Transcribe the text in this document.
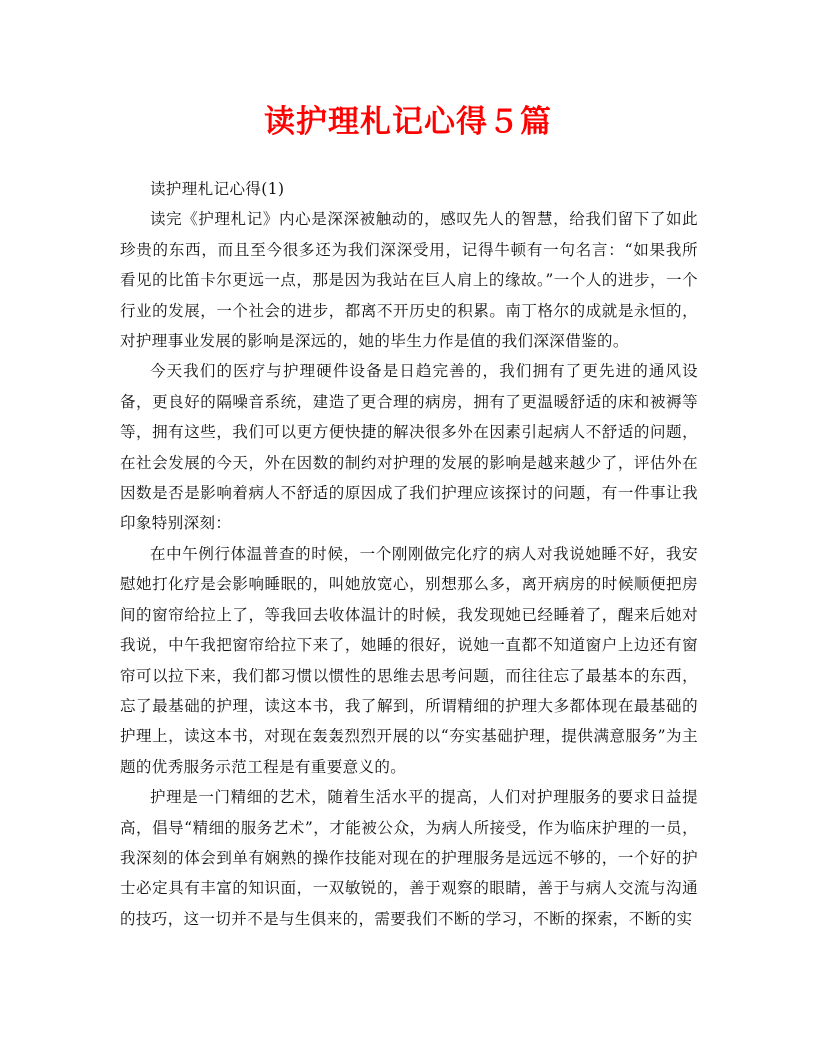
读护理札记心得５篇

读护理札记心得(1)

读完《护理札记》内心是深深被触动的，感叹先人的智慧，给我们留下了如此珍贵的东西，而且至今很多还为我们深深受用，记得牛顿有一句名言：“如果我所看见的比笛卡尔更远一点，那是因为我站在巨人肩上的缘故。”一个人的进步，一个行业的发展，一个社会的进步，都离不开历史的积累。南丁格尔的成就是永恒的，对护理事业发展的影响是深远的，她的毕生力作是值的我们深深借鉴的。

今天我们的医疗与护理硬件设备是日趋完善的，我们拥有了更先进的通风设备，更良好的隔噪音系统，建造了更合理的病房，拥有了更温暖舒适的床和被褥等等，拥有这些，我们可以更方便快捷的解决很多外在因素引起病人不舒适的问题，在社会发展的今天，外在因数的制约对护理的发展的影响是越来越少了，评估外在因数是否是影响着病人不舒适的原因成了我们护理应该探讨的问题，有一件事让我印象特别深刻：

在中午例行体温普查的时候，一个刚刚做完化疗的病人对我说她睡不好，我安慰她打化疗是会影响睡眠的，叫她放宽心，别想那么多，离开病房的时候顺便把房间的窗帘给拉上了，等我回去收体温计的时候，我发现她已经睡着了，醒来后她对我说，中午我把窗帘给拉下来了，她睡的很好，说她一直都不知道窗户上边还有窗帘可以拉下来，我们都习惯以惯性的思维去思考问题，而往往忘了最基本的东西，忘了最基础的护理，读这本书，我了解到，所谓精细的护理大多都体现在最基础的护理上，读这本书，对现在轰轰烈烈开展的以“夯实基础护理，提供满意服务”为主题的优秀服务示范工程是有重要意义的。

护理是一门精细的艺术，随着生活水平的提高，人们对护理服务的要求日益提高，倡导“精细的服务艺术”，才能被公众，为病人所接受，作为临床护理的一员，我深刻的体会到单有娴熟的操作技能对现在的护理服务是远远不够的，一个好的护士必定具有丰富的知识面，一双敏锐的，善于观察的眼睛，善于与病人交流与沟通的技巧，这一切并不是与生俱来的，需要我们不断的学习，不断的探索，不断的实
